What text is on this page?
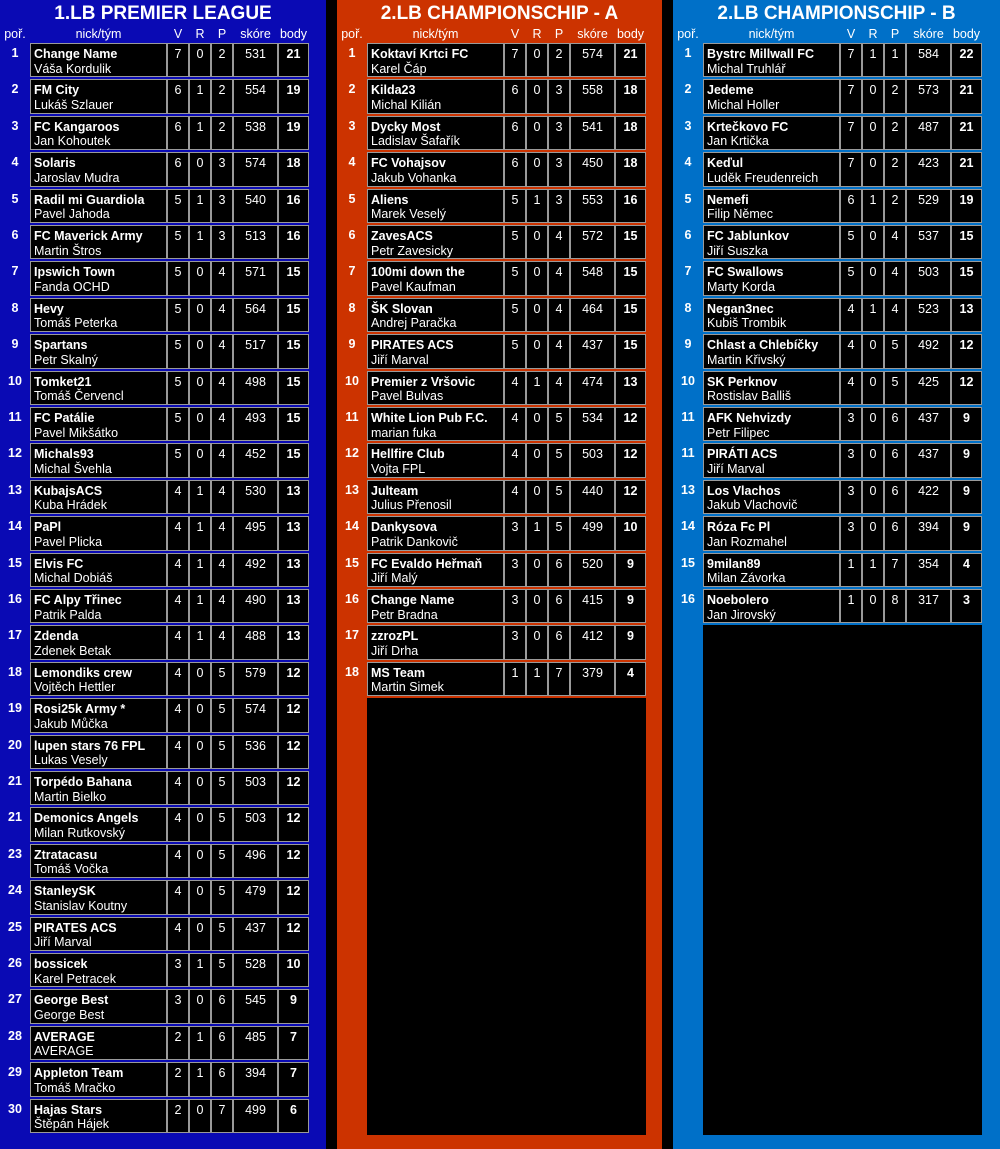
1.LB PREMIER LEAGUE
poř.	nick/tým	V	R	P	skóre body
1	Change Name
Váša Kordulik
7	0	2	531	21
2	FM City
Lukáš Szlauer
6	1	2	554	19
3	FC Kangaroos
Jan Kohoutek
6	1	2	538	19
4	Solaris
Jaroslav Mudra
6	0	3	574	18
5	Radil mi Guardiola
Pavel Jahoda
5	1	3	540	16
6	FC Maverick Army
Martin Štros
5	1	3	513	16
7	Ipswich Town
Fanda OCHD
5	0	4	571	15
8	Hevy
Tomáš Peterka
5	0	4	564	15
9	Spartans
Petr Skalný
5	0	4	517	15
10 Tomket21
Tomáš Červencl
5	0	4	498	15
11 FC Patálie
Pavel Mikšátko
5	0	4	493	15
12 Michals93
Michal Švehla
5	0	4	452	15
13 KubajsACS
Kuba Hrádek
4	1	4	530	13
14 PaPl
Pavel Plicka
4	1	4	495	13
15 Elvis FC
Michal Dobiáš
4	1	4	492	13
16 FC Alpy Třinec
Patrik Palda
4	1	4	490	13
17 Zdenda
Zdenek Betak
4	1	4	488	13
18 Lemondiks crew
Vojtěch Hettler
4	0	5	579	12
19 Rosi25k Army *
Jakub Můčka
4	0	5	574	12
20 lupen stars 76 FPL
Lukas Vesely
4	0	5	536	12
21 Torpédo Bahana
Martin Bielko
4	0	5	503	12
21 Demonics Angels
Milan Rutkovský
4	0	5	503	12
23 Ztratacasu
Tomáš Vočka
4	0	5	496	12
24 StanleySK
Stanislav Koutny
4	0	5	479	12
25 PIRATES ACS
Jiří Marval
4	0	5	437	12
26 bossicek
Karel Petracek
3	1	5	528	10
27 George Best
George Best
3	0	6	545	9
28 AVERAGE
AVERAGE
2	1	6	485	7
29 Appleton Team
Tomáš Mračko
2	1	6	394	7
30 Hajas Stars
Štěpán Hájek
2	0	7	499	6
2.LB CHAMPIONSCHIP - A
poř.	nick/tým	V	R	P	skóre body
1	Koktaví Krtci FC
Karel Čáp
7	0	2	574	21
2	Kilda23
Michal Kilián
6	0	3	558	18
3	Dycky Most
Ladislav Šafařík
6	0	3	541	18
4	FC Vohajsov
Jakub Vohanka
6	0	3	450	18
5	Aliens
Marek Veselý
5	1	3	553	16
6	ZavesACS
Petr Zavesicky
5	0	4	572	15
7	100mi down the
Pavel Kaufman
5	0	4	548	15
8	ŠK Slovan
Andrej Paračka
5	0	4	464	15
9	PIRATES ACS
Jiří Marval
5	0	4	437	15
10 Premier z Vršovic
Pavel Bulvas
4	1	4	474	13
11 White Lion Pub F.C.
marian fuka
4	0	5	534	12
12 Hellfire Club
Vojta FPL
4	0	5	503	12
13 Julteam
Julius Přenosil
4	0	5	440	12
14 Dankysova
Patrik Dankovič
3	1	5	499	10
15 FC Evaldo Heřmaň
Jiří Malý
3	0	6	520	9
16 Change Name
Petr Bradna
3	0	6	415	9
17 zzrozPL
Jiří Drha
3	0	6	412	9
18 MS Team
Martin Simek
1	1	7	379	4
2.LB CHAMPIONSCHIP - B
poř.	nick/tým	V	R	P	skóre body
1	Bystrc Millwall FC
Michal Truhlář
7	1	1	584	22
2	Jedeme
Michal Holler
7	0	2	573	21
3	Krtečkovo FC
Jan Krtička
7	0	2	487	21
4	Keďul
Luděk Freudenreich
7	0	2	423	21
5	Nemefi
Filip Němec
6	1	2	529	19
6	FC Jablunkov
Jiří Suszka
5	0	4	537	15
7	FC Swallows
Marty Korda
5	0	4	503	15
8	Negan3nec
Kubiš Trombik
4	1	4	523	13
9	Chlast a Chlebíčky
Martin Křivský
4	0	5	492	12
10 SK Perknov
Rostislav Balliš
4	0	5	425	12
11 AFK Nehvizdy
Petr Filipec
3	0	6	437	9
11 PIRÁTI ACS
Jiří Marval
3	0	6	437	9
13 Los Vlachos
Jakub Vlachovič
3	0	6	422	9
14 Róza Fc Pl
Jan Rozmahel
3	0	6	394	9
15 9milan89
Milan Závorka
1	1	7	354	4
16 Noebolero
Jan Jirovský
1	0	8	317	3
